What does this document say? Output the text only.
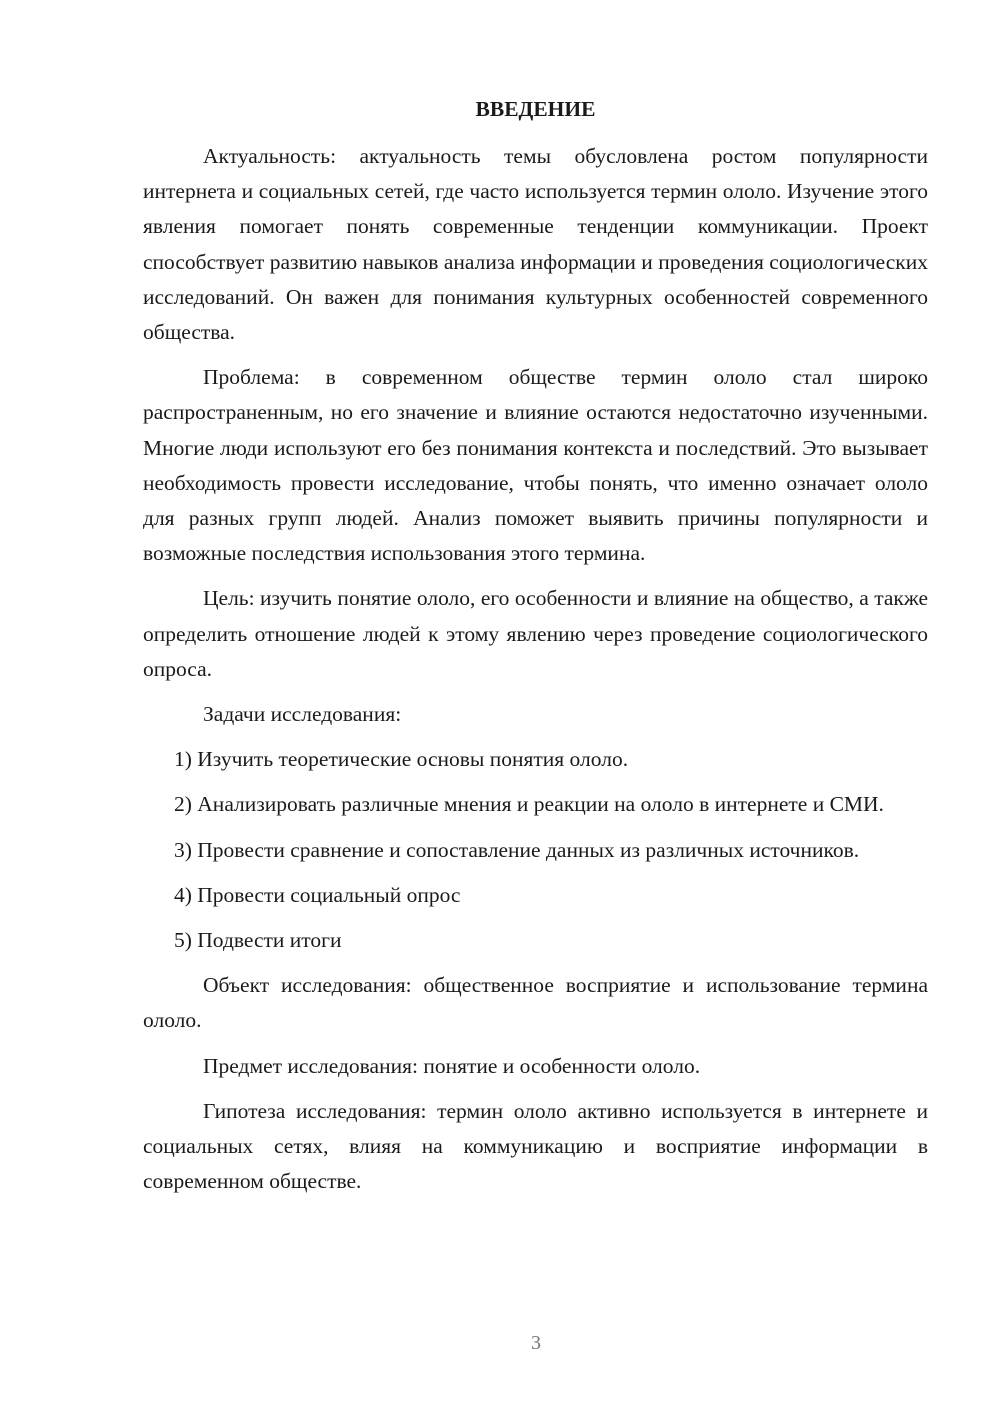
ВВЕДЕНИЕ

Актуальность: актуальность темы обусловлена ростом популярности интернета и социальных сетей, где часто используется термин ололо. Изучение этого явления помогает понять современные тенденции коммуникации. Проект способствует развитию навыков анализа информации и проведения социологических исследований. Он важен для понимания культурных особенностей современного общества.

Проблема: в современном обществе термин ололо стал широко распространенным, но его значение и влияние остаются недостаточно изученными. Многие люди используют его без понимания контекста и последствий. Это вызывает необходимость провести исследование, чтобы понять, что именно означает ололо для разных групп людей. Анализ поможет выявить причины популярности и возможные последствия использования этого термина.

Цель: изучить понятие ололо, его особенности и влияние на общество, а также определить отношение людей к этому явлению через проведение социологического опроса.

Задачи исследования:

1) Изучить теоретические основы понятия ололо.

2) Анализировать различные мнения и реакции на ололо в интернете и СМИ.

3) Провести сравнение и сопоставление данных из различных источников.

4) Провести социальный опрос

5) Подвести итоги

Объект исследования: общественное восприятие и использование термина ололо.

Предмет исследования: понятие и особенности ололо.

Гипотеза исследования: термин ололо активно используется в интернете и социальных сетях, влияя на коммуникацию и восприятие информации в современном обществе.

3
